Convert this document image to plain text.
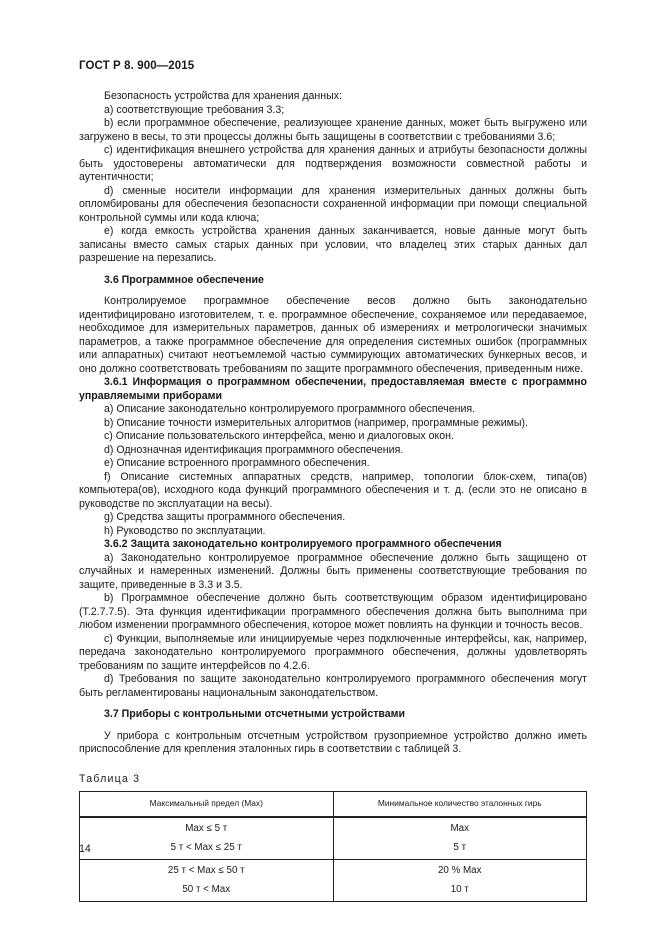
ГОСТ Р 8. 900—2015

Безопасность устройства для хранения данных:

a) соответствующие требования 3.3;

b) если программное обеспечение, реализующее хранение данных, может быть выгружено или загружено в весы, то эти процессы должны быть защищены в соответствии с требованиями 3.6;

c) идентификация внешнего устройства для хранения данных и атрибуты безопасности должны быть удостоверены автоматически для подтверждения возможности совместной работы и аутентичности;

d) сменные носители информации для хранения измерительных данных должны быть опломбированы для обеспечения безопасности сохраненной информации при помощи специальной контрольной суммы или кода ключа;

e) когда емкость устройства хранения данных заканчивается, новые данные могут быть записаны вместо самых старых данных при условии, что владелец этих старых данных дал разрешение на перезапись.

3.6 Программное обеспечение

Контролируемое программное обеспечение весов должно быть законодательно идентифицировано изготовителем, т. е. программное обеспечение, сохраняемое или передаваемое, необходимое для измерительных параметров, данных об измерениях и метрологически значимых параметров, а также программное обеспечение для определения системных ошибок (программных или аппаратных) считают неотъемлемой частью суммирующих автоматических бункерных весов, и оно должно соответствовать требованиям по защите программного обеспечения, приведенным ниже.

3.6.1 Информация о программном обеспечении, предоставляемая вместе с программно управляемыми приборами

a) Описание законодательно контролируемого программного обеспечения.

b) Описание точности измерительных алгоритмов (например, программные режимы).

c) Описание пользовательского интерфейса, меню и диалоговых окон.

d) Однозначная идентификация программного обеспечения.

e) Описание встроенного программного обеспечения.

f) Описание системных аппаратных средств, например, топологии блок-схем, типа(ов) компьютера(ов), исходного кода функций программного обеспечения и т. д. (если это не описано в руководстве по эксплуатации на весы).

g) Средства защиты программного обеспечения.

h) Руководство по эксплуатации.

3.6.2 Защита законодательно контролируемого программного обеспечения

a) Законодательно контролируемое программное обеспечение должно быть защищено от случайных и намеренных изменений. Должны быть применены соответствующие требования по защите, приведенные в 3.3 и 3.5.

b) Программное обеспечение должно быть соответствующим образом идентифицировано (Т.2.7.7.5). Эта функция идентификации программного обеспечения должна быть выполнима при любом изменении программного обеспечения, которое может повлиять на функции и точность весов.

c) Функции, выполняемые или инициируемые через подключенные интерфейсы, как, например, передача законодательно контролируемого программного обеспечения, должны удовлетворять требованиям по защите интерфейсов по 4.2.6.

d) Требования по защите законодательно контролируемого программного обеспечения могут быть регламентированы национальным законодательством.

3.7 Приборы с контрольными отсчетными устройствами

У прибора с контрольным отсчетным устройством грузоприемное устройство должно иметь приспособление для крепления эталонных гирь в соответствии с таблицей 3.

Таблица 3

Максимальный предел (Max)	Минимальное количество эталонных гирь
Max ≤ 5 т	Max
5 т < Max ≤ 25 т	5 т
25 т < Max ≤ 50 т	20 % Max
50 т < Max	10 т
14
